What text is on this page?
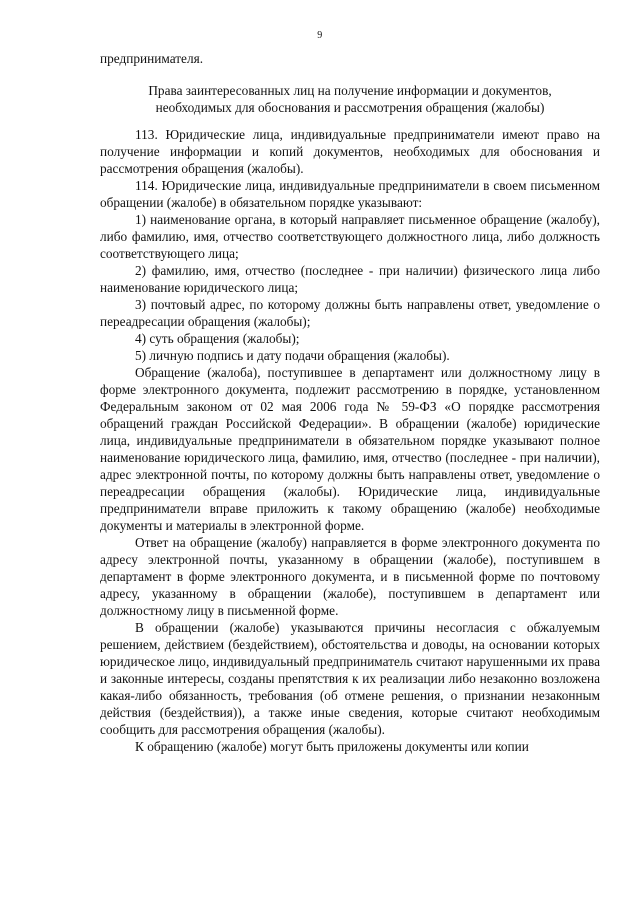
9
предпринимателя.
Права заинтересованных лиц на получение информации и документов,
необходимых для обоснования и рассмотрения обращения (жалобы)

113. Юридические лица, индивидуальные предприниматели имеют право на получение информации и копий документов, необходимых для обоснования и рассмотрения обращения (жалобы).

114. Юридические лица, индивидуальные предприниматели в своем письменном обращении (жалобе) в обязательном порядке указывают:

1) наименование органа, в который направляет письменное обращение (жалобу), либо фамилию, имя, отчество соответствующего должностного лица, либо должность соответствующего лица;

2) фамилию, имя, отчество (последнее - при наличии) физического лица либо наименование юридического лица;

3) почтовый адрес, по которому должны быть направлены ответ, уведомление о переадресации обращения (жалобы);

4) суть обращения (жалобы);

5) личную подпись и дату подачи обращения (жалобы).

Обращение (жалоба), поступившее в департамент или должностному лицу в форме электронного документа, подлежит рассмотрению в порядке, установленном Федеральным законом от 02 мая 2006 года № 59-ФЗ «О порядке рассмотрения обращений граждан Российской Федерации». В обращении (жалобе) юридические лица, индивидуальные предприниматели в обязательном порядке указывают полное наименование юридического лица, фамилию, имя, отчество (последнее - при наличии), адрес электронной почты, по которому должны быть направлены ответ, уведомление о переадресации обращения (жалобы). Юридические лица, индивидуальные предприниматели вправе приложить к такому обращению (жалобе) необходимые документы и материалы в электронной форме.

Ответ на обращение (жалобу) направляется в форме электронного документа по адресу электронной почты, указанному в обращении (жалобе), поступившем в департамент в форме электронного документа, и в письменной форме по почтовому адресу, указанному в обращении (жалобе), поступившем в департамент или должностному лицу в письменной форме.

В обращении (жалобе) указываются причины несогласия с обжалуемым решением, действием (бездействием), обстоятельства и доводы, на основании которых юридическое лицо, индивидуальный предприниматель считают нарушенными их права и законные интересы, созданы препятствия к их реализации либо незаконно возложена какая-либо обязанность, требования (об отмене решения, о признании незаконным действия (бездействия)), а также иные сведения, которые считают необходимым сообщить для рассмотрения обращения (жалобы).

К обращению (жалобе) могут быть приложены документы или копии
